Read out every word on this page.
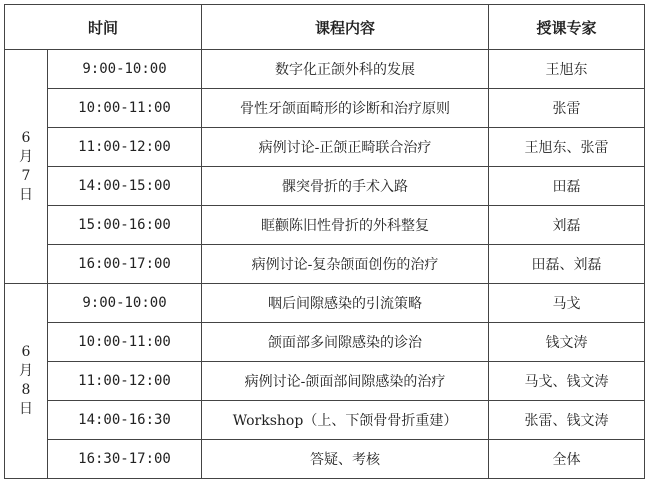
时间		课程内容	授课专家

6
月
7
日	9:00-10:00	数字化正颌外科的发展	王旭东
	10:00-11:00	骨性牙颌面畸形的诊断和治疗原则	张雷
	11:00-12:00	病例讨论-正颌正畸联合治疗	王旭东、张雷
	14:00-15:00	髁突骨折的手术入路	田磊
	15:00-16:00	眶颧陈旧性骨折的外科整复	刘磊
	16:00-17:00	病例讨论-复杂颌面创伤的治疗	田磊、刘磊

6
月
8
日	9:00-10:00	咽后间隙感染的引流策略	马戈
	10:00-11:00	颌面部多间隙感染的诊治	钱文涛
	11:00-12:00	病例讨论-颌面部间隙感染的治疗	马戈、钱文涛
	14:00-16:30	Workshop（上、下颌骨骨折重建）	张雷、钱文涛
	16:30-17:00	答疑、考核	全体
